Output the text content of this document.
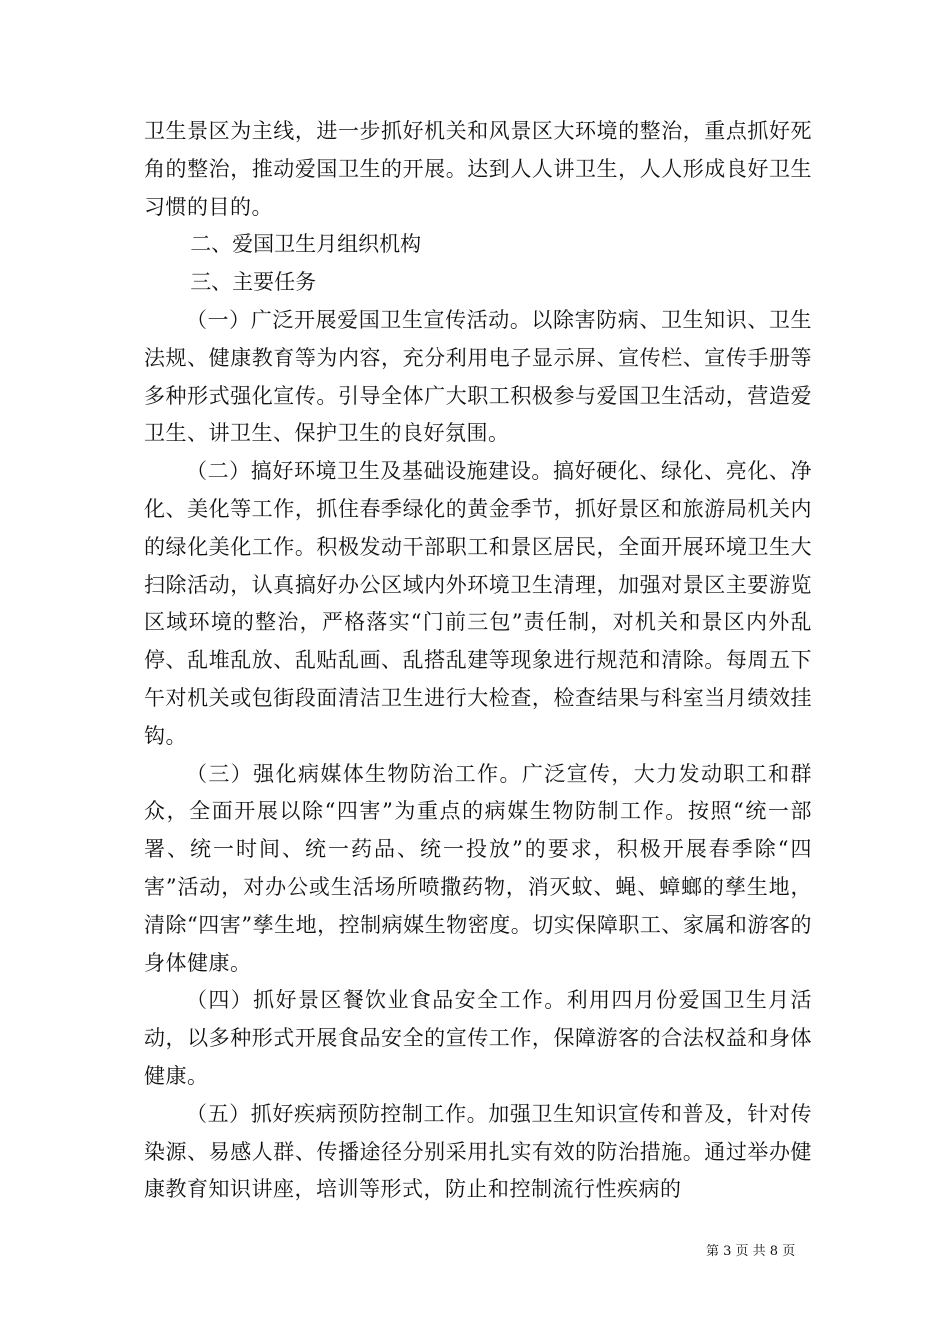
卫生景区为主线，进一步抓好机关和风景区大环境的整治，重点抓好死角的整治，推动爱国卫生的开展。达到人人讲卫生，人人形成良好卫生习惯的目的。

二、爱国卫生月组织机构

三、主要任务

（一）广泛开展爱国卫生宣传活动。以除害防病、卫生知识、卫生法规、健康教育等为内容，充分利用电子显示屏、宣传栏、宣传手册等多种形式强化宣传。引导全体广大职工积极参与爱国卫生活动，营造爱卫生、讲卫生、保护卫生的良好氛围。

（二）搞好环境卫生及基础设施建设。搞好硬化、绿化、亮化、净化、美化等工作，抓住春季绿化的黄金季节，抓好景区和旅游局机关内的绿化美化工作。积极发动干部职工和景区居民，全面开展环境卫生大扫除活动，认真搞好办公区域内外环境卫生清理，加强对景区主要游览区域环境的整治，严格落实“门前三包”责任制，对机关和景区内外乱停、乱堆乱放、乱贴乱画、乱搭乱建等现象进行规范和清除。每周五下午对机关或包街段面清洁卫生进行大检查，检查结果与科室当月绩效挂钩。

（三）强化病媒体生物防治工作。广泛宣传，大力发动职工和群众，全面开展以除“四害”为重点的病媒生物防制工作。按照“统一部署、统一时间、统一药品、统一投放”的要求，积极开展春季除“四害”活动，对办公或生活场所喷撒药物，消灭蚊、蝇、蟑螂的孳生地，清除“四害”孳生地，控制病媒生物密度。切实保障职工、家属和游客的身体健康。

（四）抓好景区餐饮业食品安全工作。利用四月份爱国卫生月活动，以多种形式开展食品安全的宣传工作，保障游客的合法权益和身体健康。

（五）抓好疾病预防控制工作。加强卫生知识宣传和普及，针对传染源、易感人群、传播途径分别采用扎实有效的防治措施。通过举办健康教育知识讲座，培训等形式，防止和控制流行性疾病的

第 3 页 共 8 页
